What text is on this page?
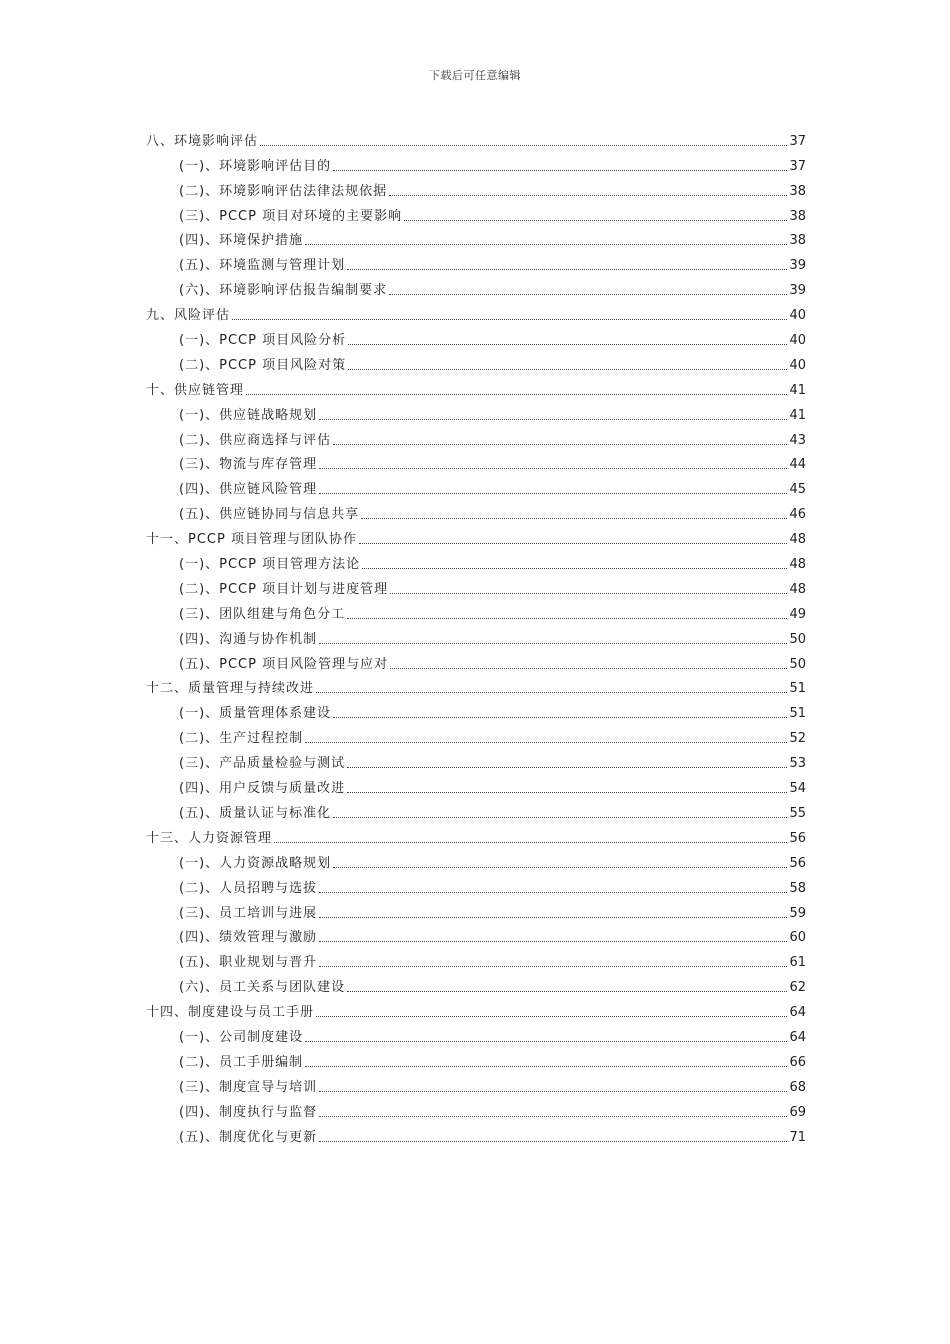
下载后可任意编辑
八、环境影响评估	37
(一)、环境影响评估目的	37
(二)、环境影响评估法律法规依据	38
(三)、PCCP 项目对环境的主要影响	38
(四)、环境保护措施	38
(五)、环境监测与管理计划	39
(六)、环境影响评估报告编制要求	39
九、风险评估	40
(一)、PCCP 项目风险分析	40
(二)、PCCP 项目风险对策	40
十、供应链管理	41
(一)、供应链战略规划	41
(二)、供应商选择与评估	43
(三)、物流与库存管理	44
(四)、供应链风险管理	45
(五)、供应链协同与信息共享	46
十一、PCCP 项目管理与团队协作	48
(一)、PCCP 项目管理方法论	48
(二)、PCCP 项目计划与进度管理	48
(三)、团队组建与角色分工	49
(四)、沟通与协作机制	50
(五)、PCCP 项目风险管理与应对	50
十二、质量管理与持续改进	51
(一)、质量管理体系建设	51
(二)、生产过程控制	52
(三)、产品质量检验与测试	53
(四)、用户反馈与质量改进	54
(五)、质量认证与标准化	55
十三、人力资源管理	56
(一)、人力资源战略规划	56
(二)、人员招聘与选拔	58
(三)、员工培训与进展	59
(四)、绩效管理与激励	60
(五)、职业规划与晋升	61
(六)、员工关系与团队建设	62
十四、制度建设与员工手册	64
(一)、公司制度建设	64
(二)、员工手册编制	66
(三)、制度宣导与培训	68
(四)、制度执行与监督	69
(五)、制度优化与更新	71
